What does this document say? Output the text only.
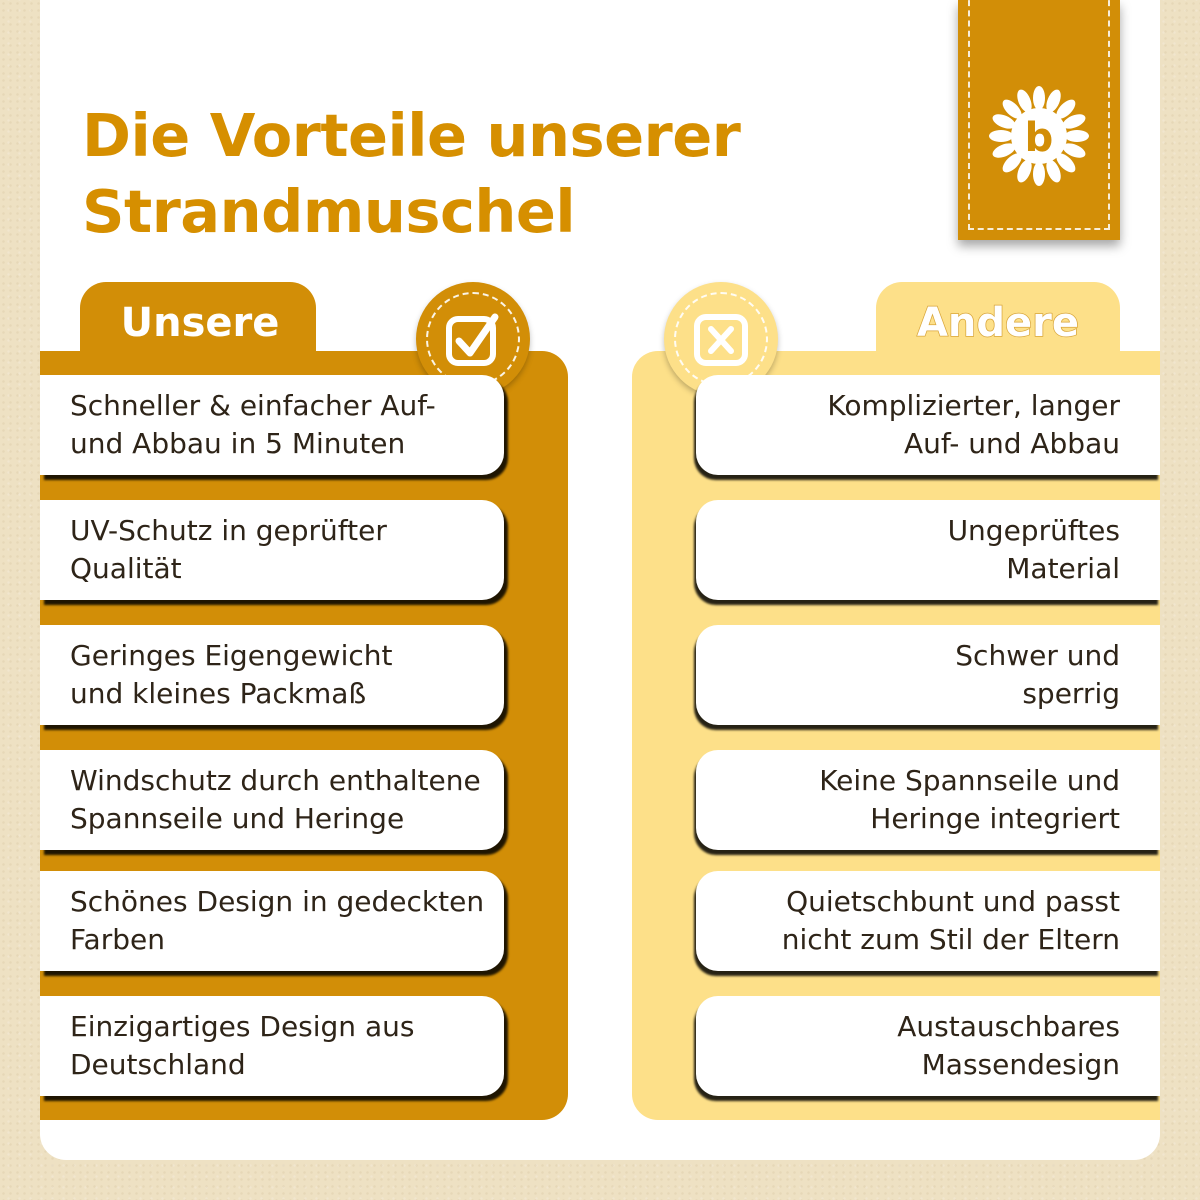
Die Vorteile unserer
Strandmuschel
b
Unsere
Schneller & einfacher Auf-
und Abbau in 5 Minuten
UV-Schutz in geprüfter
Qualität
Geringes Eigengewicht
und kleines Packmaß
Windschutz durch enthaltene
Spannseile und Heringe
Schönes Design in gedeckten
Farben
Einzigartiges Design aus
Deutschland
Andere
Komplizierter, langer
Auf- und Abbau
Ungeprüftes
Material
Schwer und
sperrig
Keine Spannseile und
Heringe integriert
Quietschbunt und passt
nicht zum Stil der Eltern
Austauschbares
Massendesign
